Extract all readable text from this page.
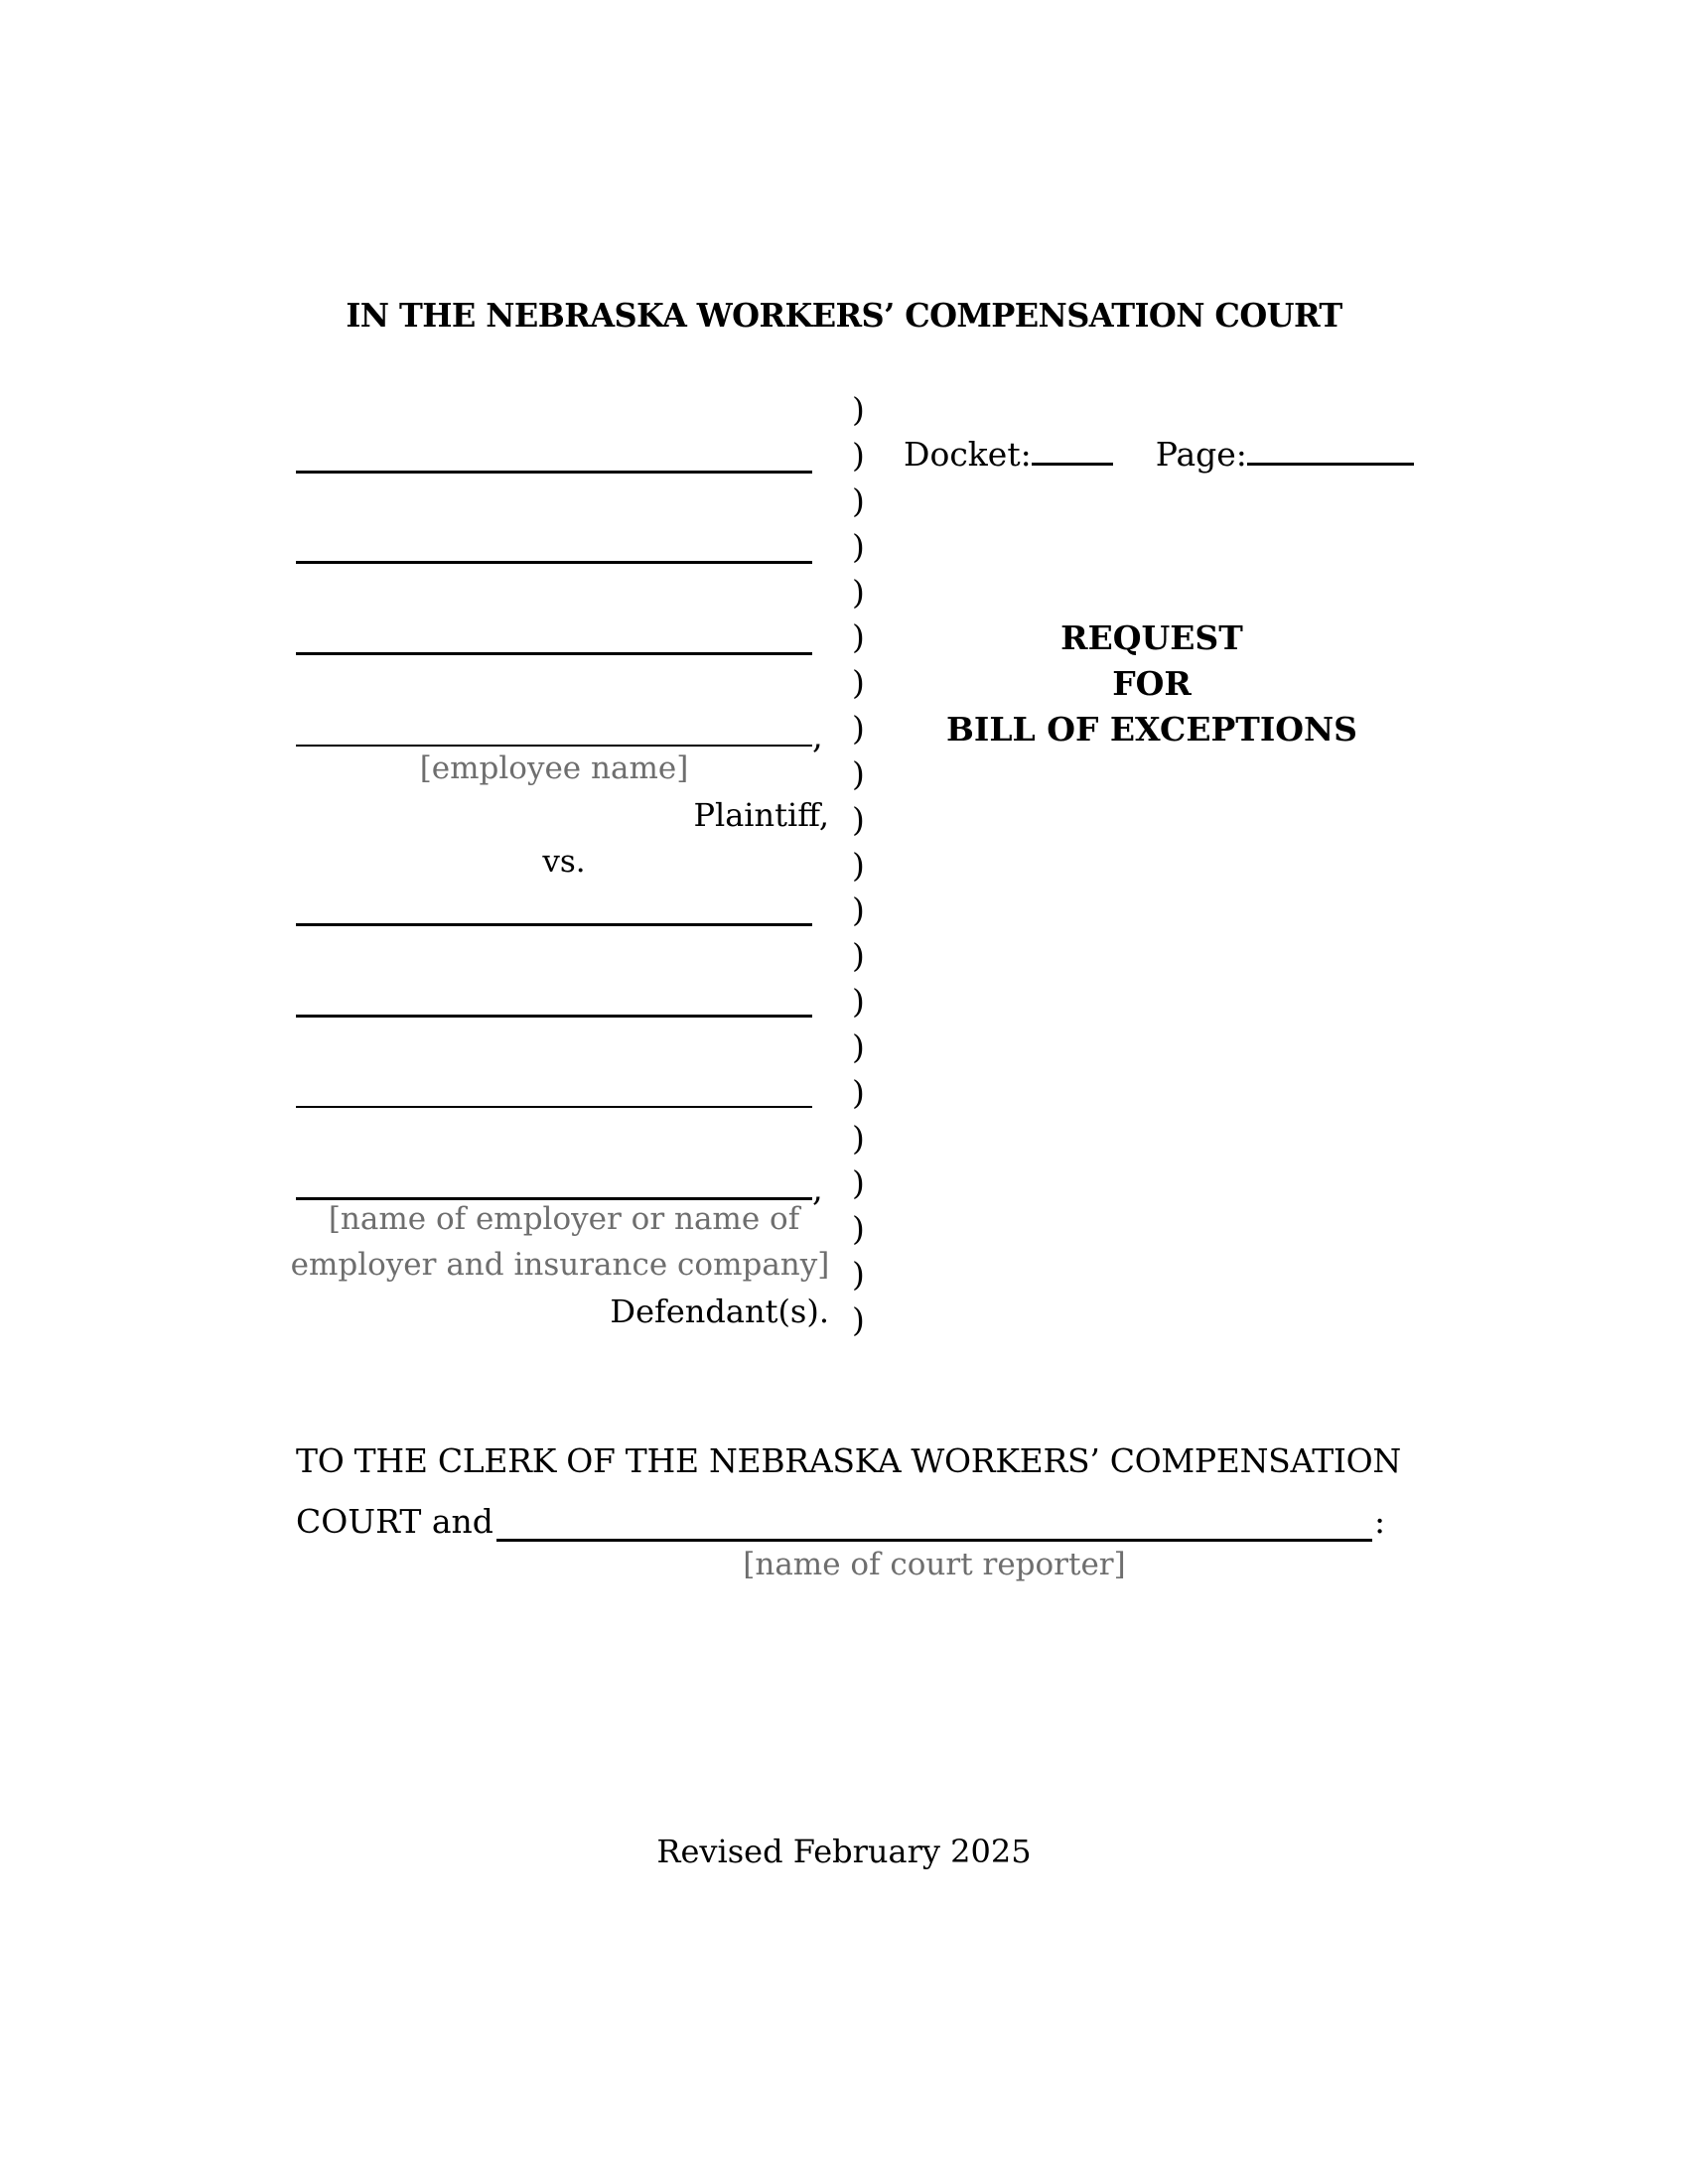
IN THE NEBRASKA WORKERS’ COMPENSATION COURT
)
)
)
)
)
)
)
)
)
)
)
)
)
)
)
)
)
)
)
)
)
,
[employee name]
Plaintiff,
vs.
,
[name of employer or name of
employer and insurance company]
Defendant(s).
Docket:	Page:
REQUEST
FOR
BILL OF EXCEPTIONS
TO THE CLERK OF THE NEBRASKA WORKERS’ COMPENSATION
COURT and	:
[name of court reporter]
Revised February 2025
